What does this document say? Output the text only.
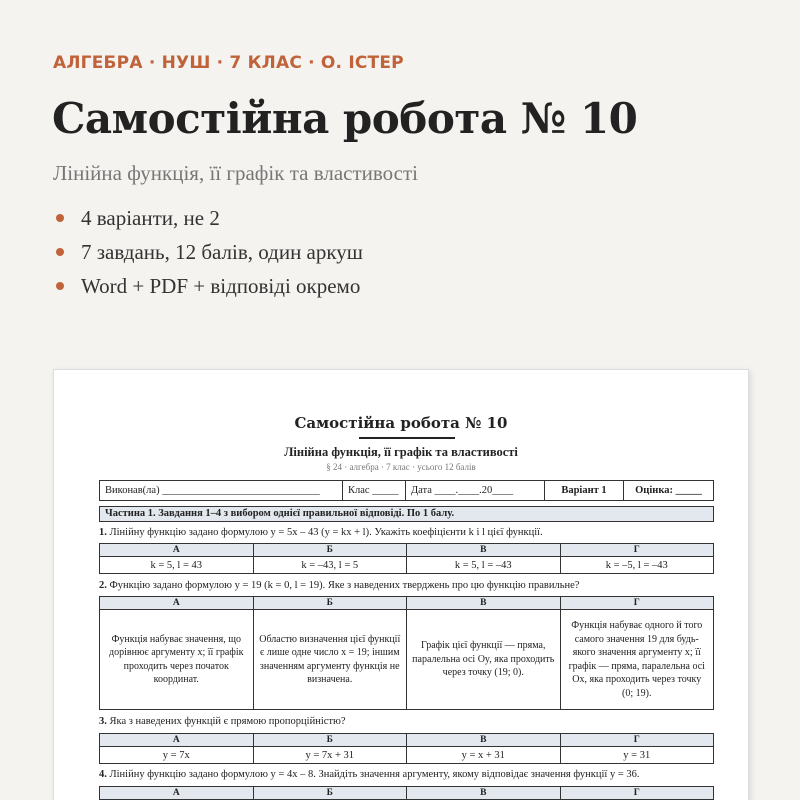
АЛГЕБРА · НУШ · 7 КЛАС · О. ІСТЕР
Самостійна робота № 10
Лінійна функція, її графік та властивості
4 варіанти, не 2
7 завдань, 12 балів, один аркуш
Word + PDF + відповіді окремо
Самостійна робота № 10
Лінійна функція, її графік та властивості
§ 24 · алгебра · 7 клас · усього 12 балів
Виконав(ла) ______________________________	Клас _____	Дата ____.____.20____	Варіант 1	Оцінка: _____
Частина 1. Завдання 1–4 з вибором однієї правильної відповіді. По 1 балу.
1. Лінійну функцію задано формулою y = 5x – 43 (y = kx + l). Укажіть коефіцієнти k і l цієї функції.
А	Б	В	Г
k = 5, l = 43	k = –43, l = 5	k = 5, l = –43	k = –5, l = –43
2. Функцію задано формулою y = 19 (k = 0, l = 19). Яке з наведених тверджень про цю функцію правильне?
А	Б	В	Г
Функція набуває значення, що дорівнює аргументу x; її графік проходить через початок координат.	Областю визначення цієї функції є лише одне число x = 19; іншим значенням аргументу функція не визначена.	Графік цієї функції — пряма, паралельна осі Oy, яка проходить через точку (19; 0).	Функція набуває одного й того самого значення 19 для будь-якого значення аргументу x; її графік — пряма, паралельна осі Ox, яка проходить через точку (0; 19).
3. Яка з наведених функцій є прямою пропорційністю?
А	Б	В	Г
y = 7x	y = 7x + 31	y = x + 31	y = 31
4. Лінійну функцію задано формулою y = 4x – 8. Знайдіть значення аргументу, якому відповідає значення функції y = 36.
А	Б	В	Г
